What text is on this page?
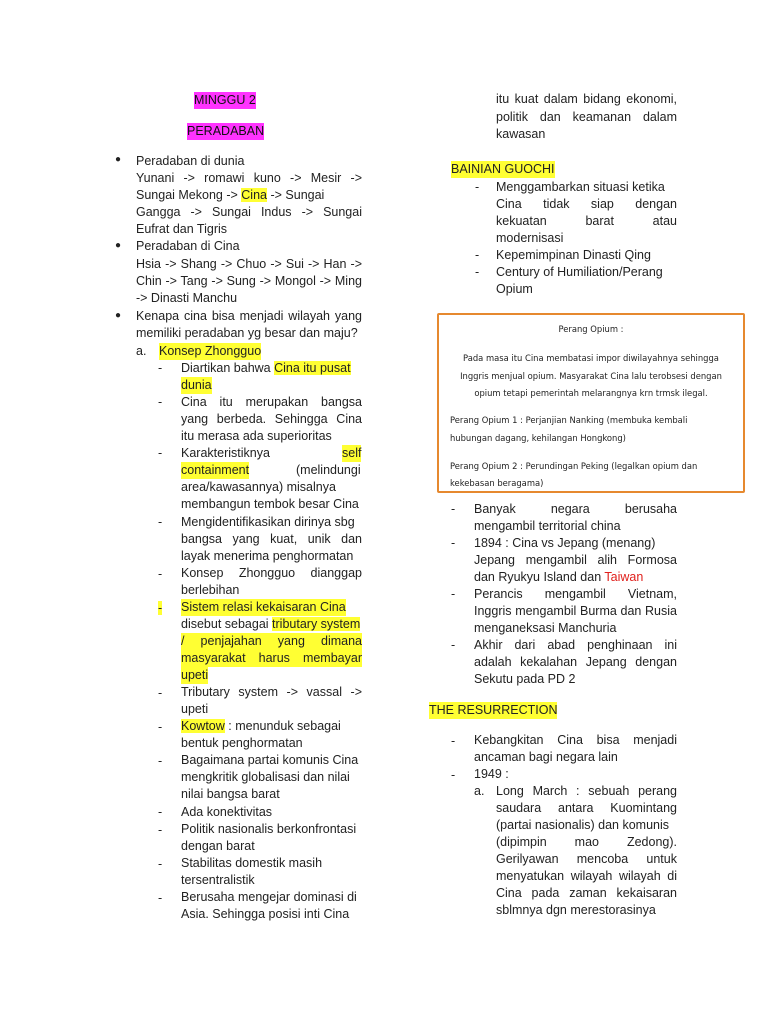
MINGGU 2
PERADABAN
● Peradaban di dunia
Yunani -> romawi kuno -> Mesir ->
Sungai Mekong -> Cina -> Sungai
Gangga -> Sungai Indus -> Sungai
Eufrat dan Tigris
● Peradaban di Cina
Hsia -> Shang -> Chuo -> Sui -> Han ->
Chin -> Tang -> Sung -> Mongol -> Ming
-> Dinasti Manchu
● Kenapa cina bisa menjadi wilayah yang
memiliki peradaban yg besar dan maju?
a. Konsep Zhongguo
- Diartikan bahwa Cina itu pusat
dunia
- Cina itu merupakan bangsa
yang berbeda. Sehingga Cina
itu merasa ada superioritas
- Karakteristiknya	self
containment	(melindungi
area/kawasannya) misalnya
membangun tembok besar Cina
- Mengidentifikasikan dirinya sbg
bangsa yang kuat, unik dan
layak menerima penghormatan
- Konsep Zhongguo dianggap
berlebihan
- Sistem relasi kekaisaran Cina
disebut sebagai tributary system
/ penjajahan yang dimana
masyarakat harus membayar
upeti
- Tributary system -> vassal ->
upeti
- Kowtow : menunduk sebagai
bentuk penghormatan
- Bagaimana partai komunis Cina
mengkritik globalisasi dan nilai
nilai bangsa barat
- Ada konektivitas
- Politik nasionalis berkonfrontasi
dengan barat
- Stabilitas domestik masih
tersentralistik
- Berusaha mengejar dominasi di
Asia. Sehingga posisi inti Cina
itu kuat dalam bidang ekonomi,
politik dan keamanan dalam
kawasan
BAINIAN GUOCHI
- Menggambarkan situasi ketika
Cina tidak siap dengan
kekuatan barat atau
modernisasi
- Kepemimpinan Dinasti Qing
- Century of Humiliation/Perang
Opium
Perang Opium :
Pada masa itu Cina membatasi impor diwilayahnya sehingga
Inggris menjual opium. Masyarakat Cina lalu terobsesi dengan
opium tetapi pemerintah melarangnya krn trmsk ilegal.
Perang Opium 1 : Perjanjian Nanking (membuka kembali
hubungan dagang, kehilangan Hongkong)
Perang Opium 2 : Perundingan Peking (legalkan opium dan
kekebasan beragama)
- Banyak negara berusaha
mengambil territorial china
- 1894 : Cina vs Jepang (menang)
Jepang mengambil alih Formosa
dan Ryukyu Island dan Taiwan
- Perancis mengambil Vietnam,
Inggris mengambil Burma dan Rusia
menganeksasi Manchuria
- Akhir dari abad penghinaan ini
adalah kekalahan Jepang dengan
Sekutu pada PD 2
THE RESURRECTION
- Kebangkitan Cina bisa menjadi
ancaman bagi negara lain
- 1949 :
a. Long March : sebuah perang
saudara antara Kuomintang
(partai nasionalis) dan komunis
(dipimpin mao Zedong).
Gerilyawan mencoba untuk
menyatukan wilayah wilayah di
Cina pada zaman kekaisaran
sblmnya dgn merestorasinya
